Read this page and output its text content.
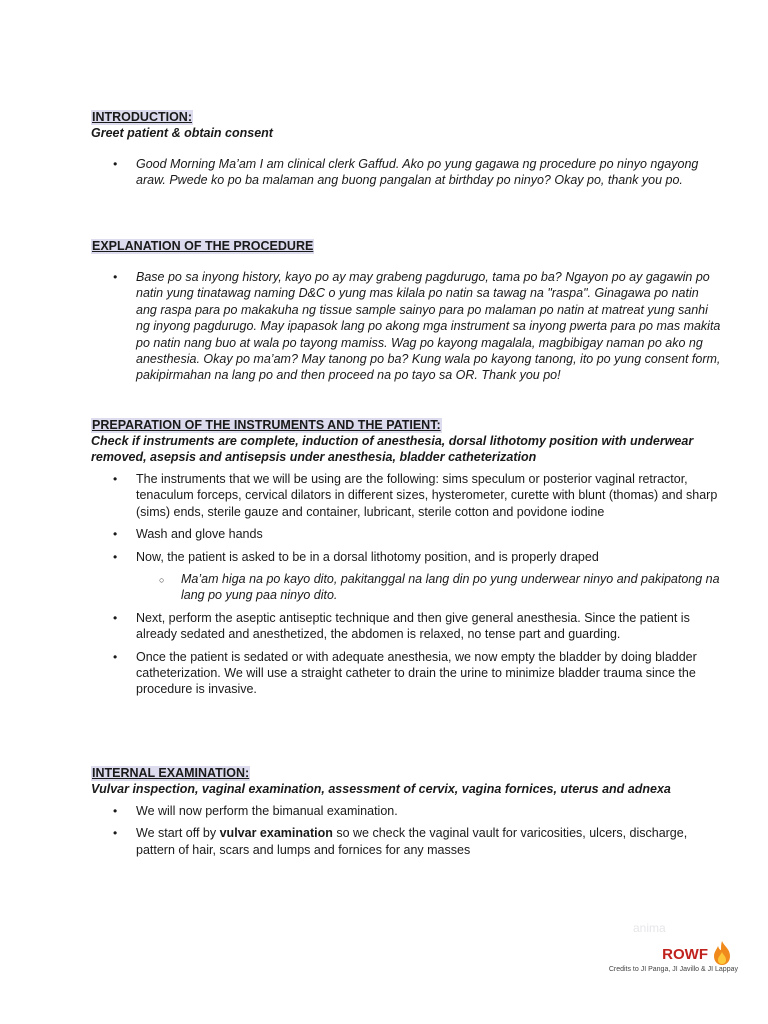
INTRODUCTION:

Greet patient & obtain consent

• Good Morning Ma’am I am clinical clerk Gaffud. Ako po yung gagawa ng procedure po ninyo ngayong araw. Pwede ko po ba malaman ang buong pangalan at birthday po ninyo? Okay po, thank you po.

EXPLANATION OF THE PROCEDURE

• Base po sa inyong history, kayo po ay may grabeng pagdurugo, tama po ba? Ngayon po ay gagawin po natin yung tinatawag naming D&C o yung mas kilala po natin sa tawag na "raspa". Ginagawa po natin ang raspa para po makakuha ng tissue sample sainyo para po malaman po natin at matreat yung sanhi ng inyong pagdurugo. May ipapasok lang po akong mga instrument sa inyong pwerta para po mas makita po natin nang buo at wala po tayong mamiss. Wag po kayong magalala, magbibigay naman po ako ng anesthesia. Okay po ma’am? May tanong po ba? Kung wala po kayong tanong, ito po yung consent form, pakipirmahan na lang po and then proceed na po tayo sa OR. Thank you po!

PREPARATION OF THE INSTRUMENTS AND THE PATIENT:

Check if instruments are complete, induction of anesthesia, dorsal lithotomy position with underwear removed, asepsis and antisepsis under anesthesia, bladder catheterization

• The instruments that we will be using are the following: sims speculum or posterior vaginal retractor, tenaculum forceps, cervical dilators in different sizes, hysterometer, curette with blunt (thomas) and sharp (sims) ends, sterile gauze and container, lubricant, sterile cotton and povidone iodine
• Wash and glove hands
• Now, the patient is asked to be in a dorsal lithotomy position, and is properly draped
○ Ma’am higa na po kayo dito, pakitanggal na lang din po yung underwear ninyo and pakipatong na lang po yung paa ninyo dito.
• Next, perform the aseptic antiseptic technique and then give general anesthesia. Since the patient is already sedated and anesthetized, the abdomen is relaxed, no tense part and guarding.
• Once the patient is sedated or with adequate anesthesia, we now empty the bladder by doing bladder catheterization. We will use a straight catheter to drain the urine to minimize bladder trauma since the procedure is invasive.

INTERNAL EXAMINATION:

Vulvar inspection, vaginal examination, assessment of cervix, vagina fornices, uterus and adnexa

• We will now perform the bimanual examination.
• We start off by vulvar examination so we check the vaginal vault for varicosities, ulcers, discharge, pattern of hair, scars and lumps and fornices for any masses
anima
ROWF
Credits to JI Panga, JI Javillo & JI Lappay
